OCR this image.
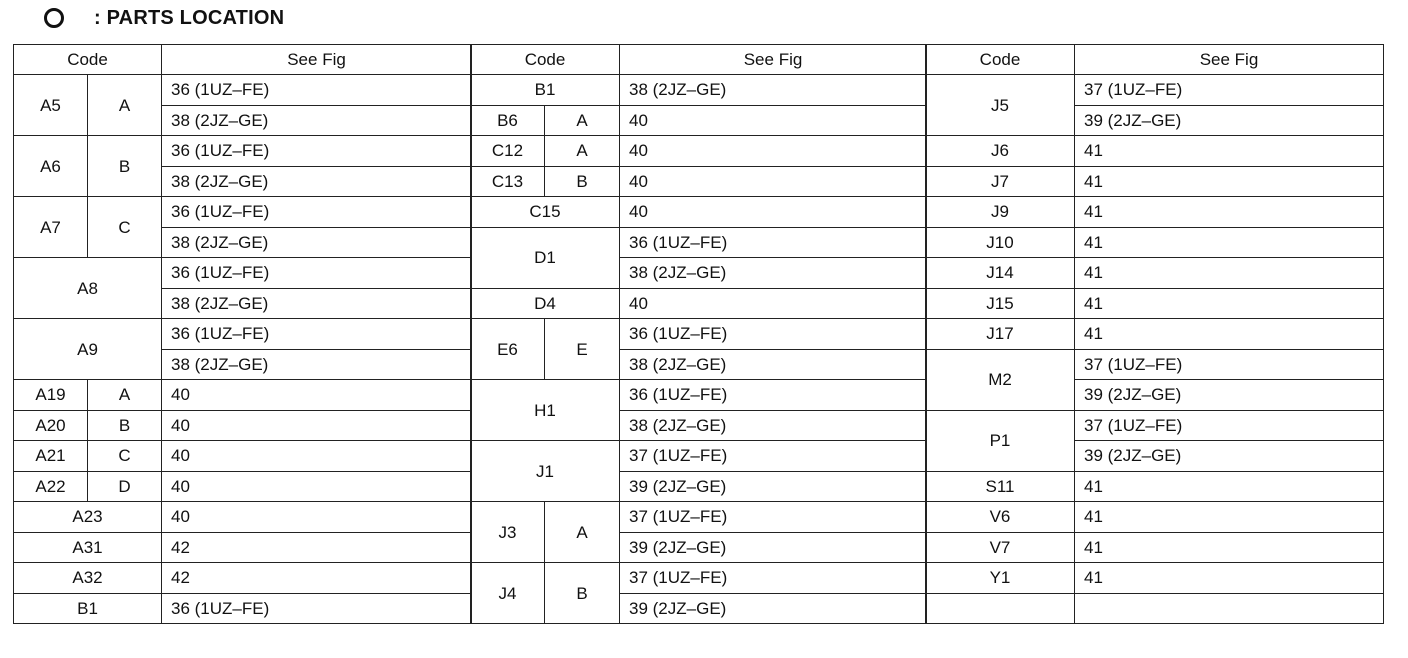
: PARTS LOCATION
Code		See Fig
A5	A	36 (1UZ–FE)
		38 (2JZ–GE)
A6	B	36 (1UZ–FE)
		38 (2JZ–GE)
A7	C	36 (1UZ–FE)
		38 (2JZ–GE)
A8		36 (1UZ–FE)
		38 (2JZ–GE)
A9		36 (1UZ–FE)
		38 (2JZ–GE)
A19	A	40
A20	B	40
A21	C	40
A22	D	40
A23		40
A31		42
A32		42
B1		36 (1UZ–FE)
Code		See Fig
B1		38 (2JZ–GE)
B6	A	40
C12	A	40
C13	B	40
C15		40
D1		36 (1UZ–FE)
		38 (2JZ–GE)
D4		40
E6	E	36 (1UZ–FE)
		38 (2JZ–GE)
H1		36 (1UZ–FE)
		38 (2JZ–GE)
J1		37 (1UZ–FE)
		39 (2JZ–GE)
J3	A	37 (1UZ–FE)
		39 (2JZ–GE)
J4	B	37 (1UZ–FE)
		39 (2JZ–GE)
Code	See Fig
J5	37 (1UZ–FE)
	39 (2JZ–GE)
J6	41
J7	41
J9	41
J10	41
J14	41
J15	41
J17	41
M2	37 (1UZ–FE)
	39 (2JZ–GE)
P1	37 (1UZ–FE)
	39 (2JZ–GE)
S11	41
V6	41
V7	41
Y1	41
